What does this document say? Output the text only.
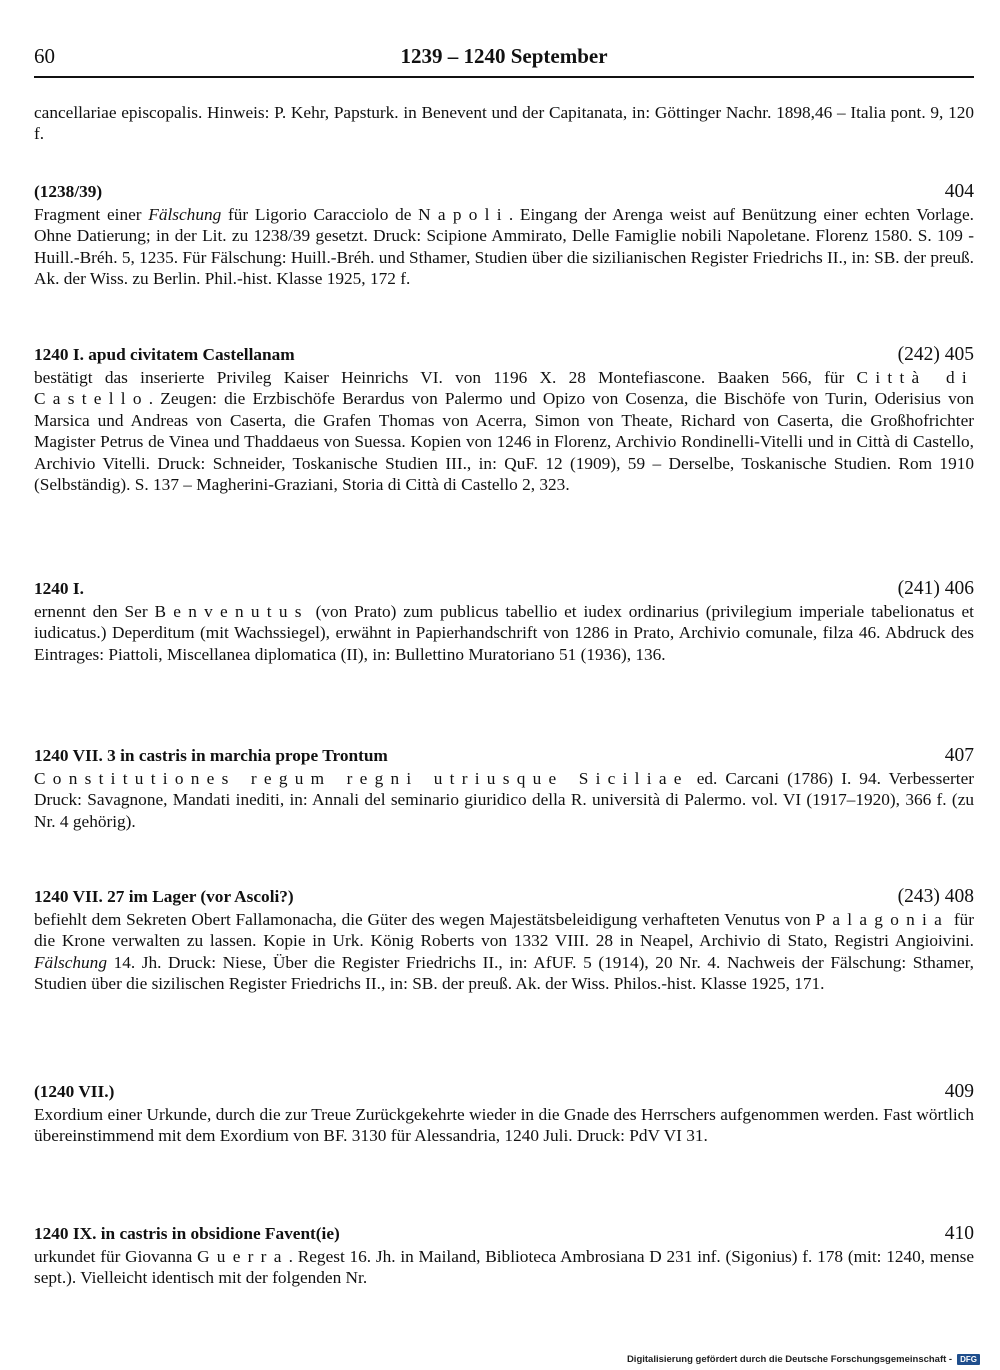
60	1239 – 1240 September
cancellariae episcopalis. Hinweis: P. Kehr, Papsturk. in Benevent und der Capitanata, in: Göttinger Nachr. 1898,46 – Italia pont. 9, 120 f.
(1238/39)	404
Fragment einer Fälschung für Ligorio Caracciolo de Napoli. Eingang der Arenga weist auf Benützung einer echten Vorlage. Ohne Datierung; in der Lit. zu 1238/39 gesetzt. Druck: Scipione Ammirato, Delle Famiglie nobili Napoletane. Florenz 1580. S. 109 - Huill.-Bréh. 5, 1235. Für Fälschung: Huill.-Bréh. und Sthamer, Studien über die sizilianischen Register Friedrichs II., in: SB. der preuß. Ak. der Wiss. zu Berlin. Phil.-hist. Klasse 1925, 172 f.
1240 I. apud civitatem Castellanam	(242) 405
bestätigt das inserierte Privileg Kaiser Heinrichs VI. von 1196 X. 28 Montefiascone. Baaken 566, für Città di Castello. Zeugen: die Erzbischöfe Berardus von Palermo und Opizo von Cosenza, die Bischöfe von Turin, Oderisius von Marsica und Andreas von Caserta, die Grafen Thomas von Acerra, Simon von Theate, Richard von Caserta, die Großhofrichter Magister Petrus de Vinea und Thaddaeus von Suessa. Kopien von 1246 in Florenz, Archivio Rondinelli-Vitelli und in Città di Castello, Archivio Vitelli. Druck: Schneider, Toskanische Studien III., in: QuF. 12 (1909), 59 – Derselbe, Toskanische Studien. Rom 1910 (Selbständig). S. 137 – Magherini-Graziani, Storia di Città di Castello 2, 323.
1240 I.	(241) 406
ernennt den Ser Benvenutus (von Prato) zum publicus tabellio et iudex ordinarius (privilegium imperiale tabelionatus et iudicatus.) Deperditum (mit Wachssiegel), erwähnt in Papierhandschrift von 1286 in Prato, Archivio comunale, filza 46. Abdruck des Eintrages: Piattoli, Miscellanea diplomatica (II), in: Bullettino Muratoriano 51 (1936), 136.
1240 VII. 3 in castris in marchia prope Trontum	407
Constitutiones regum regni utriusque Siciliae ed. Carcani (1786) I. 94. Verbesserter Druck: Savagnone, Mandati inediti, in: Annali del seminario giuridico della R. università di Palermo. vol. VI (1917–1920), 366 f. (zu Nr. 4 gehörig).
1240 VII. 27 im Lager (vor Ascoli?)	(243) 408
befiehlt dem Sekreten Obert Fallamonacha, die Güter des wegen Majestätsbeleidigung verhafteten Venutus von Palagonia für die Krone verwalten zu lassen. Kopie in Urk. König Roberts von 1332 VIII. 28 in Neapel, Archivio di Stato, Registri Angioivini. Fälschung 14. Jh. Druck: Niese, Über die Register Friedrichs II., in: AfUF. 5 (1914), 20 Nr. 4. Nachweis der Fälschung: Sthamer, Studien über die sizilischen Register Friedrichs II., in: SB. der preuß. Ak. der Wiss. Philos.-hist. Klasse 1925, 171.
(1240 VII.)	409
Exordium einer Urkunde, durch die zur Treue Zurückgekehrte wieder in die Gnade des Herrschers aufgenommen werden. Fast wörtlich übereinstimmend mit dem Exordium von BF. 3130 für Alessandria, 1240 Juli. Druck: PdV VI 31.
1240 IX. in castris in obsidione Favent(ie)	410
urkundet für Giovanna Guerra. Regest 16. Jh. in Mailand, Biblioteca Ambrosiana D 231 inf. (Sigonius) f. 178 (mit: 1240, mense sept.). Vielleicht identisch mit der folgenden Nr.
Digitalisierung gefördert durch die Deutsche Forschungsgemeinschaft -	DFG
